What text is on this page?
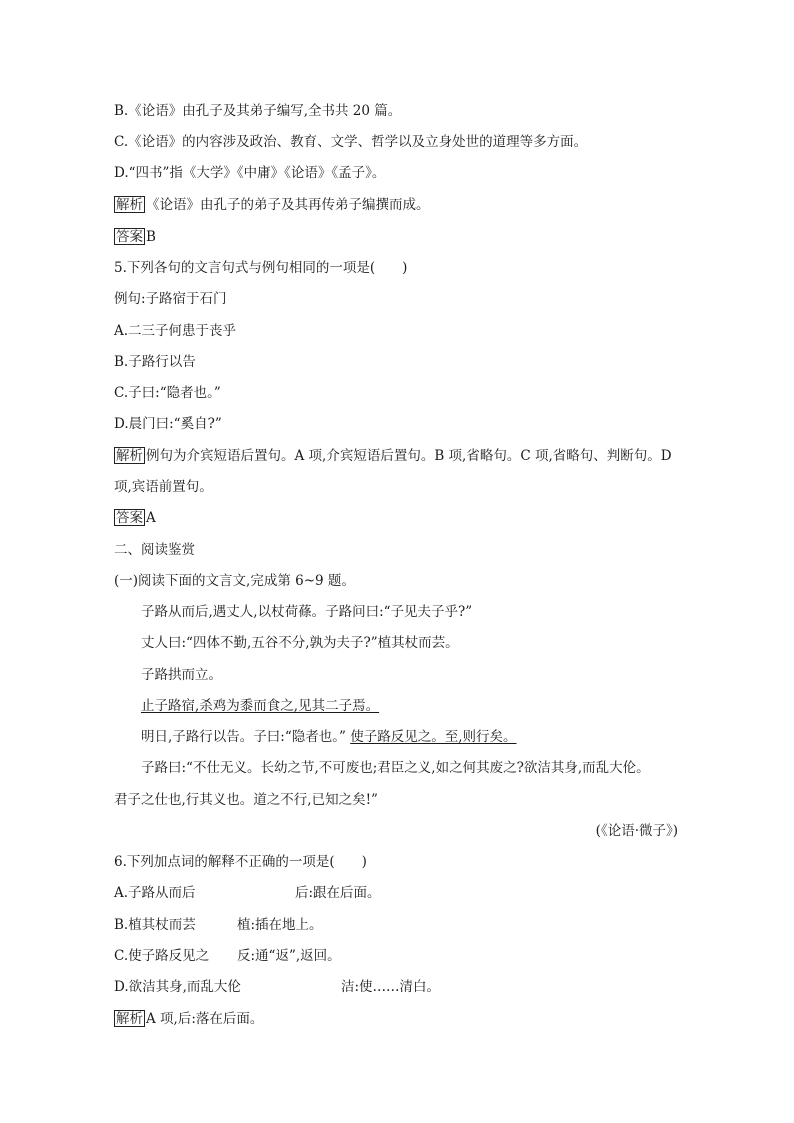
B.《论语》由孔子及其弟子编写,全书共 20 篇。
C.《论语》的内容涉及政治、教育、文学、哲学以及立身处世的道理等多方面。
D.“四书”指《大学》《中庸》《论语》《孟子》。
解析 《论语》由孔子的弟子及其再传弟子编撰而成。
答案 B
5.下列各句的文言句式与例句相同的一项是(　　)
例句:子路宿于石门
A.二三子何患于丧乎
B.子路行以告
C.子曰:“隐者也。”
D.晨门曰:“奚自?”
解析 例句为介宾短语后置句。A 项,介宾短语后置句。B 项,省略句。C 项,省略句、判断句。D
项,宾语前置句。
答案 A
二、阅读鉴赏
(一)阅读下面的文言文,完成第 6~9 题。
子路从而后,遇丈人,以杖荷蓧。子路问曰:“子见夫子乎?”
丈人曰:“四体不勤,五谷不分,孰为夫子?”植其杖而芸。
子路拱而立。
止子路宿,杀鸡为黍而食之,见其二子焉。
明日,子路行以告。子曰:“隐者也。” 使子路反见之。至,则行矣。
子路曰:“不仕无义。长幼之节,不可废也;君臣之义,如之何其废之?欲洁其身,而乱大伦。
君子之仕也,行其义也。道之不行,已知之矣!”
(《论语·微子》)
6.下列加点词的解释不正确的一项是(　　)
A.子路从而后	后:跟在后面。
B.植其杖而芸	植:插在地上。
C.使子路反见之 反:通“返”,返回。
D.欲洁其身,而乱大伦	洁:使……清白。
解析 A 项,后:落在后面。
